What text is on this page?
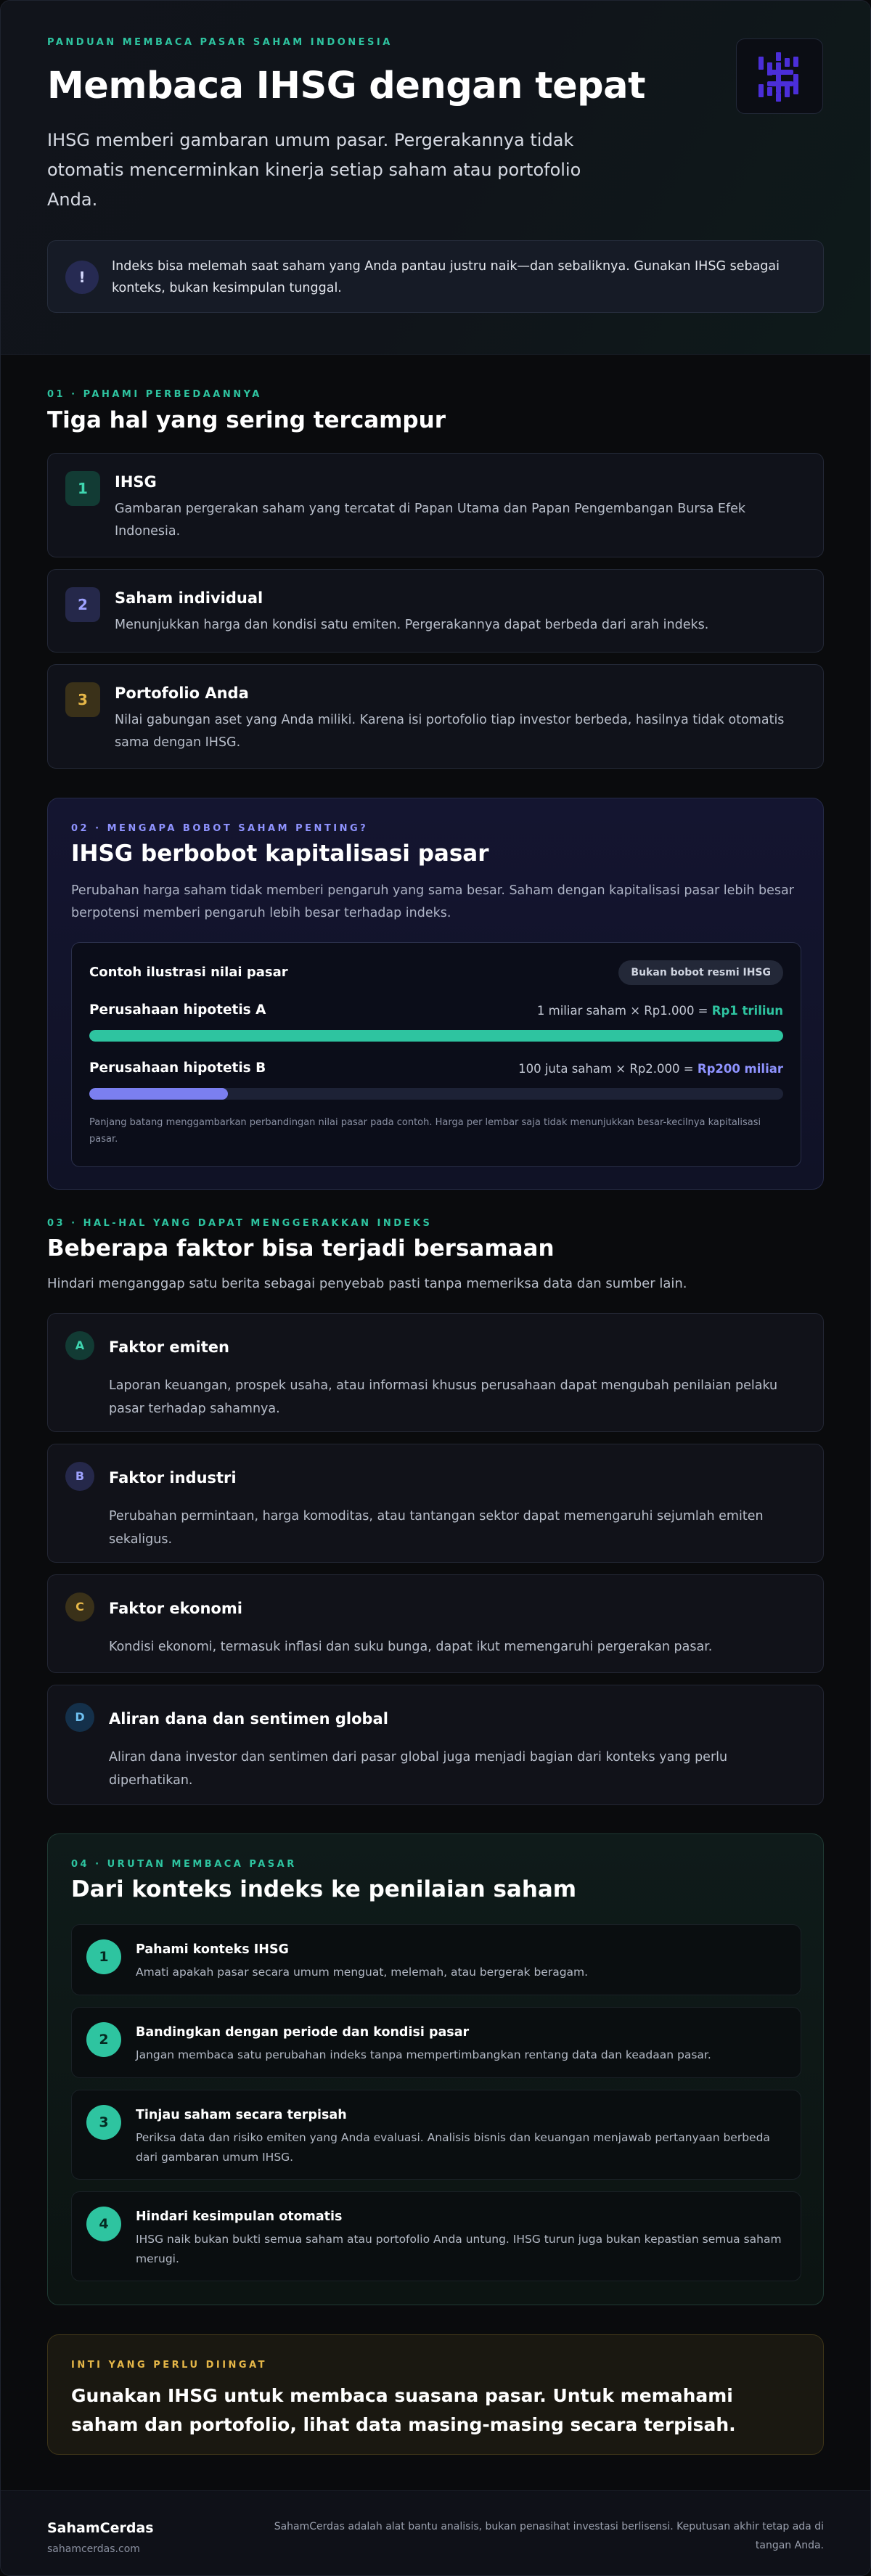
PANDUAN MEMBACA PASAR SAHAM INDONESIA
Membaca IHSG dengan tepat

IHSG memberi gambaran umum pasar. Pergerakannya tidak otomatis mencerminkan kinerja setiap saham atau portofolio Anda.

!
Indeks bisa melemah saat saham yang Anda pantau justru naik—dan sebaliknya. Gunakan IHSG sebagai konteks, bukan kesimpulan tunggal.
01 · PAHAMI PERBEDAANNYA
Tiga hal yang sering tercampur
1	IHSG
Gambaran pergerakan saham yang tercatat di Papan Utama dan Papan Pengembangan Bursa Efek Indonesia.
2	Saham individual
Menunjukkan harga dan kondisi satu emiten. Pergerakannya dapat berbeda dari arah indeks.
3	Portofolio Anda
Nilai gabungan aset yang Anda miliki. Karena isi portofolio tiap investor berbeda, hasilnya tidak otomatis sama dengan IHSG.
02 · MENGAPA BOBOT SAHAM PENTING?
IHSG berbobot kapitalisasi pasar

Perubahan harga saham tidak memberi pengaruh yang sama besar. Saham dengan kapitalisasi pasar lebih besar berpotensi memberi pengaruh lebih besar terhadap indeks.

Contoh ilustrasi nilai pasar	Bukan bobot resmi IHSG
Perusahaan hipotetis A	1 miliar saham × Rp1.000 = Rp1 triliun
Perusahaan hipotetis B	100 juta saham × Rp2.000 = Rp200 miliar
Panjang batang menggambarkan perbandingan nilai pasar pada contoh. Harga per lembar saja tidak menunjukkan besar-kecilnya kapitalisasi pasar.
03 · HAL-HAL YANG DAPAT MENGGERAKKAN INDEKS
Beberapa faktor bisa terjadi bersamaan

Hindari menganggap satu berita sebagai penyebab pasti tanpa memeriksa data dan sumber lain.

A	Faktor emiten
Laporan keuangan, prospek usaha, atau informasi khusus perusahaan dapat mengubah penilaian pelaku pasar terhadap sahamnya.
B	Faktor industri
Perubahan permintaan, harga komoditas, atau tantangan sektor dapat memengaruhi sejumlah emiten sekaligus.
C	Faktor ekonomi
Kondisi ekonomi, termasuk inflasi dan suku bunga, dapat ikut memengaruhi pergerakan pasar.
D	Aliran dana dan sentimen global
Aliran dana investor dan sentimen dari pasar global juga menjadi bagian dari konteks yang perlu diperhatikan.
04 · URUTAN MEMBACA PASAR
Dari konteks indeks ke penilaian saham
1	Pahami konteks IHSG
Amati apakah pasar secara umum menguat, melemah, atau bergerak beragam.
2	Bandingkan dengan periode dan kondisi pasar
Jangan membaca satu perubahan indeks tanpa mempertimbangkan rentang data dan keadaan pasar.
3	Tinjau saham secara terpisah
Periksa data dan risiko emiten yang Anda evaluasi. Analisis bisnis dan keuangan menjawab pertanyaan berbeda dari gambaran umum IHSG.
4	Hindari kesimpulan otomatis
IHSG naik bukan bukti semua saham atau portofolio Anda untung. IHSG turun juga bukan kepastian semua saham merugi.
INTI YANG PERLU DIINGAT

Gunakan IHSG untuk membaca suasana pasar. Untuk memahami saham dan portofolio, lihat data masing-masing secara terpisah.

SahamCerdas
sahamcerdas.com
SahamCerdas adalah alat bantu analisis, bukan penasihat investasi berlisensi. Keputusan akhir tetap ada di tangan Anda.
